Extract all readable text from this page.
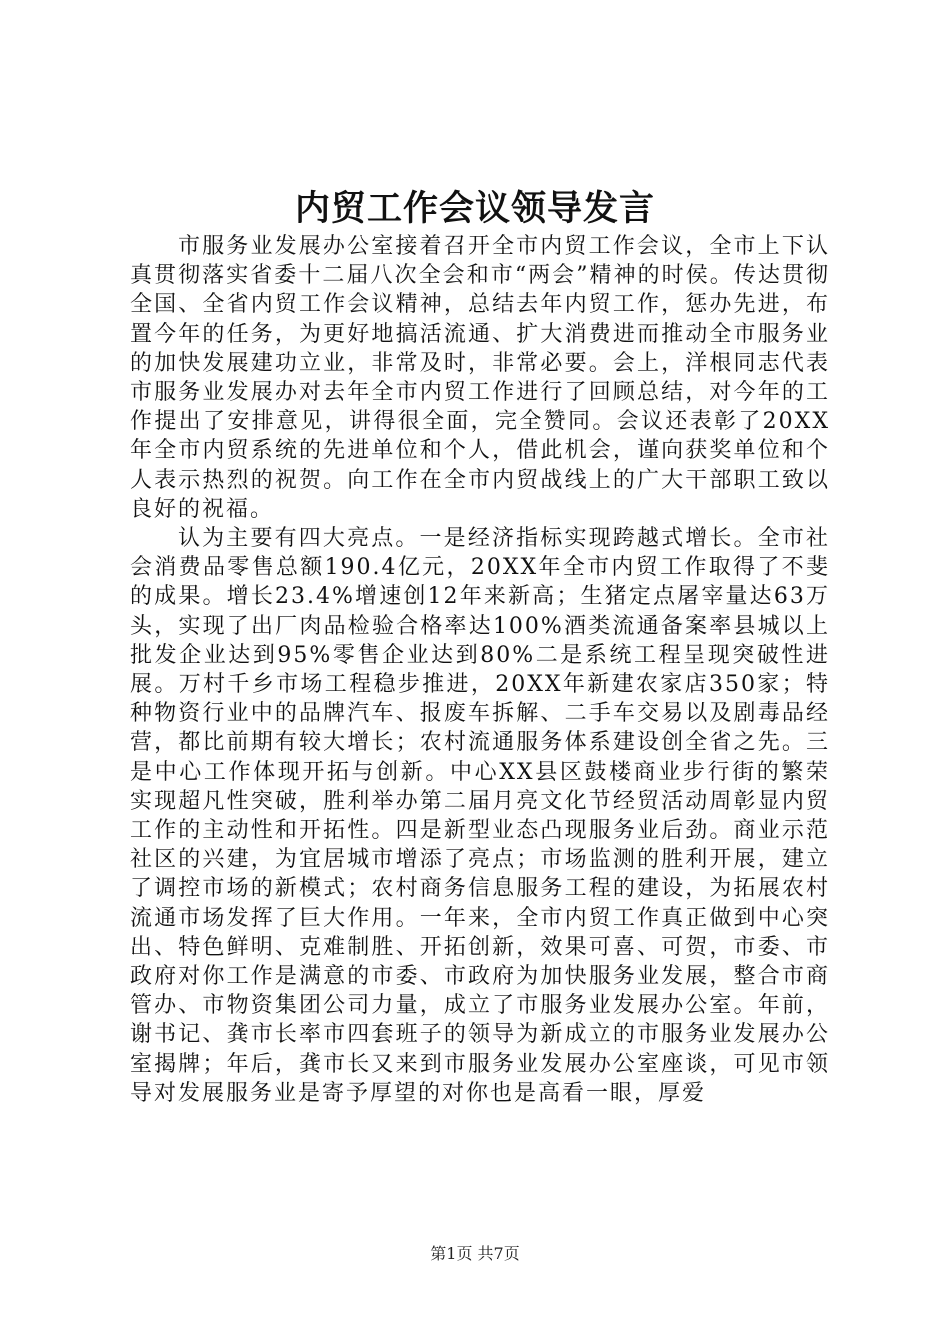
内贸工作会议领导发言

市服务业发展办公室接着召开全市内贸工作会议，全市上下认真贯彻落实省委十二届八次全会和市“两会”精神的时侯。传达贯彻全国、全省内贸工作会议精神，总结去年内贸工作，惩办先进，布置今年的任务，为更好地搞活流通、扩大消费进而推动全市服务业的加快发展建功立业，非常及时，非常必要。会上，洋根同志代表市服务业发展办对去年全市内贸工作进行了回顾总结，对今年的工作提出了安排意见，讲得很全面，完全赞同。会议还表彰了20XX年全市内贸系统的先进单位和个人，借此机会，谨向获奖单位和个人表示热烈的祝贺。向工作在全市内贸战线上的广大干部职工致以良好的祝福。

认为主要有四大亮点。一是经济指标实现跨越式增长。全市社会消费品零售总额190.4亿元，20XX年全市内贸工作取得了不斐的成果。增长23.4%增速创12年来新高；生猪定点屠宰量达63万头，实现了出厂肉品检验合格率达100%酒类流通备案率县城以上批发企业达到95%零售企业达到80%二是系统工程呈现突破性进展。万村千乡市场工程稳步推进，20XX年新建农家店350家；特种物资行业中的品牌汽车、报废车拆解、二手车交易以及剧毒品经营，都比前期有较大增长；农村流通服务体系建设创全省之先。三是中心工作体现开拓与创新。中心XX县区鼓楼商业步行街的繁荣实现超凡性突破，胜利举办第二届月亮文化节经贸活动周彰显内贸工作的主动性和开拓性。四是新型业态凸现服务业后劲。商业示范社区的兴建，为宜居城市增添了亮点；市场监测的胜利开展，建立了调控市场的新模式；农村商务信息服务工程的建设，为拓展农村流通市场发挥了巨大作用。一年来，全市内贸工作真正做到中心突出、特色鲜明、克难制胜、开拓创新，效果可喜、可贺，市委、市政府对你工作是满意的市委、市政府为加快服务业发展，整合市商管办、市物资集团公司力量，成立了市服务业发展办公室。年前，谢书记、龚市长率市四套班子的领导为新成立的市服务业发展办公室揭牌；年后，龚市长又来到市服务业发展办公室座谈，可见市领导对发展服务业是寄予厚望的对你也是高看一眼，厚爱

第1页 共7页
